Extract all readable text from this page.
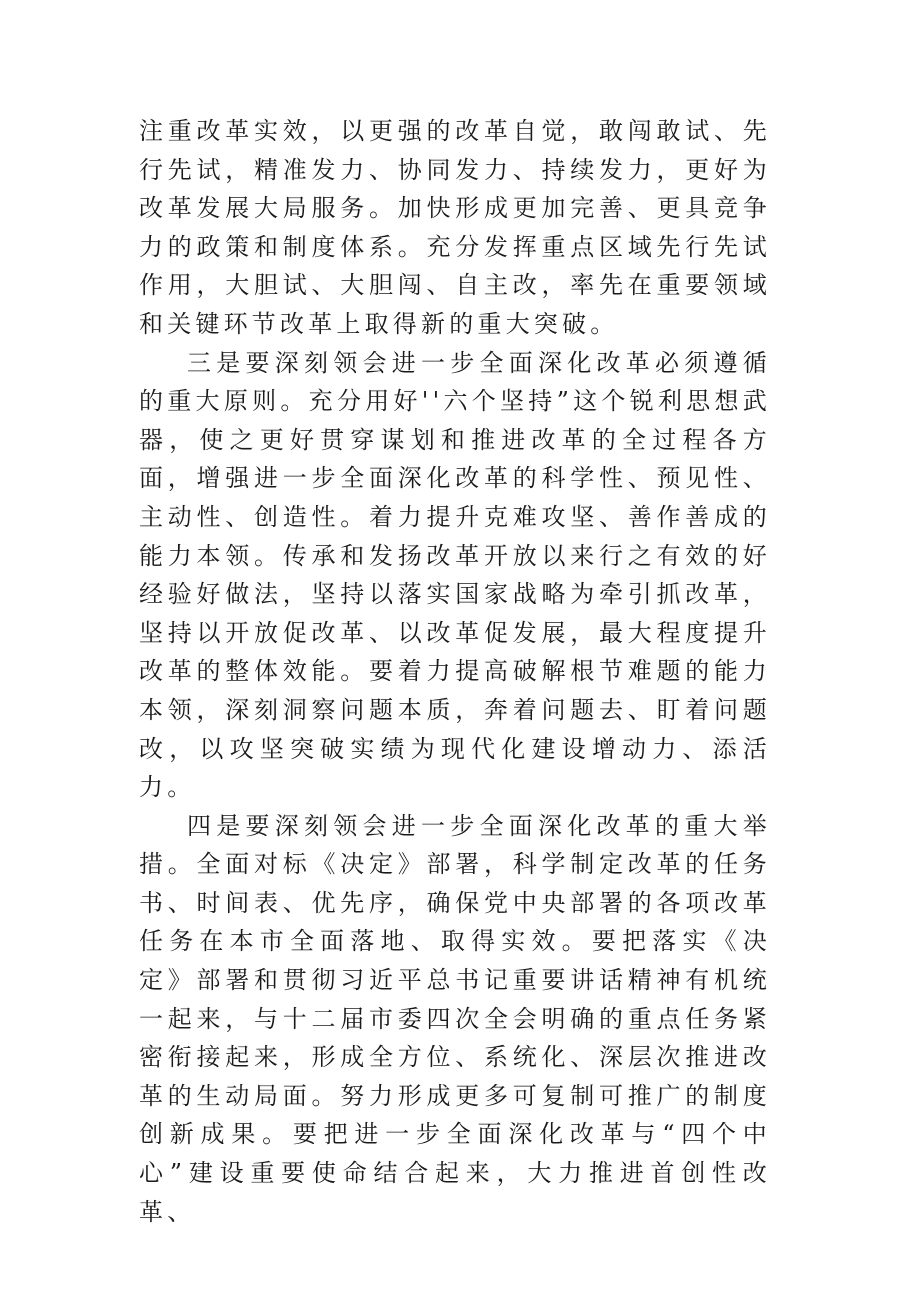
注重改革实效，以更强的改革自觉，敢闯敢试、先行先试，精准发力、协同发力、持续发力，更好为改革发展大局服务。加快形成更加完善、更具竞争力的政策和制度体系。充分发挥重点区域先行先试作用，大胆试、大胆闯、自主改，率先在重要领域和关键环节改革上取得新的重大突破。

三是要深刻领会进一步全面深化改革必须遵循的重大原则。充分用好''六个坚持”这个锐利思想武器，使之更好贯穿谋划和推进改革的全过程各方面，增强进一步全面深化改革的科学性、预见性、主动性、创造性。着力提升克难攻坚、善作善成的能力本领。传承和发扬改革开放以来行之有效的好经验好做法，坚持以落实国家战略为牵引抓改革，坚持以开放促改革、以改革促发展，最大程度提升改革的整体效能。要着力提高破解根节难题的能力本领，深刻洞察问题本质，奔着问题去、盯着问题改，以攻坚突破实绩为现代化建设增动力、添活力。

四是要深刻领会进一步全面深化改革的重大举措。全面对标《决定》部署，科学制定改革的任务书、时间表、优先序，确保党中央部署的各项改革任务在本市全面落地、取得实效。要把落实《决定》部署和贯彻习近平总书记重要讲话精神有机统一起来，与十二届市委四次全会明确的重点任务紧密衔接起来，形成全方位、系统化、深层次推进改革的生动局面。努力形成更多可复制可推广的制度创新成果。要把进一步全面深化改革与“四个中心”建设重要使命结合起来，大力推进首创性改革、
